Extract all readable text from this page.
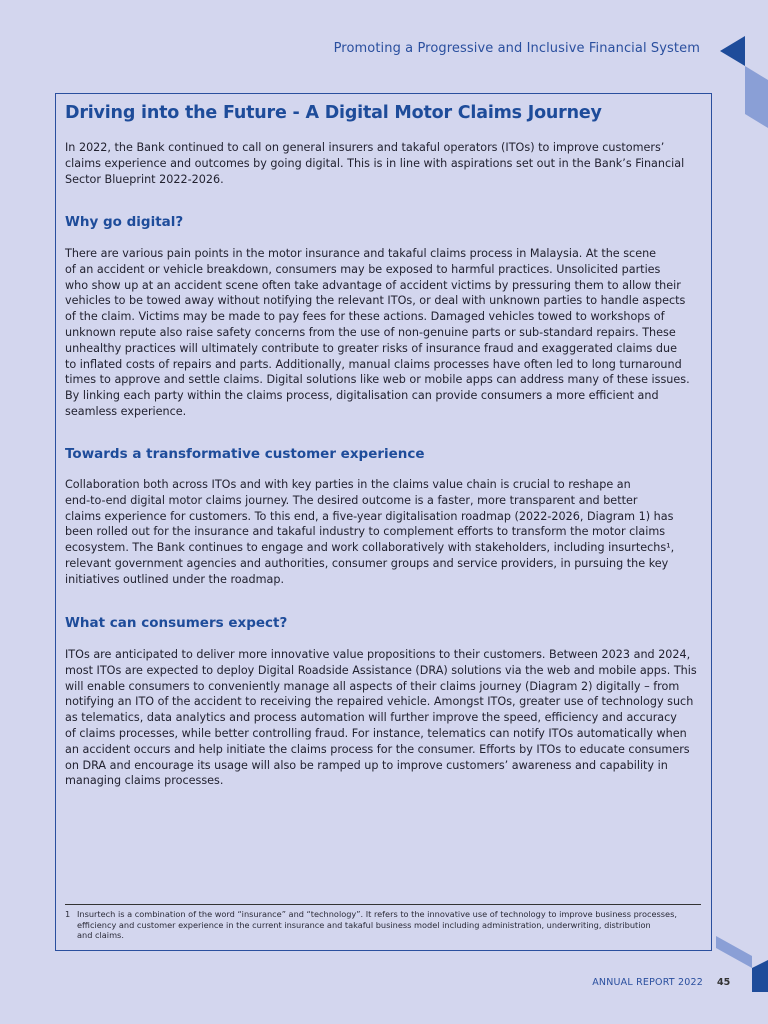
Promoting a Progressive and Inclusive Financial System
Driving into the Future - A Digital Motor Claims Journey
In 2022, the Bank continued to call on general insurers and takaful operators (ITOs) to improve customers’
claims experience and outcomes by going digital. This is in line with aspirations set out in the Bank’s Financial
Sector Blueprint 2022-2026.
Why go digital?
There are various pain points in the motor insurance and takaful claims process in Malaysia. At the scene
of an accident or vehicle breakdown, consumers may be exposed to harmful practices. Unsolicited parties
who show up at an accident scene often take advantage of accident victims by pressuring them to allow their
vehicles to be towed away without notifying the relevant ITOs, or deal with unknown parties to handle aspects
of the claim. Victims may be made to pay fees for these actions. Damaged vehicles towed to workshops of
unknown repute also raise safety concerns from the use of non-genuine parts or sub-standard repairs. These
unhealthy practices will ultimately contribute to greater risks of insurance fraud and exaggerated claims due
to inflated costs of repairs and parts. Additionally, manual claims processes have often led to long turnaround
times to approve and settle claims. Digital solutions like web or mobile apps can address many of these issues.
By linking each party within the claims process, digitalisation can provide consumers a more efficient and
seamless experience.
Towards a transformative customer experience
Collaboration both across ITOs and with key parties in the claims value chain is crucial to reshape an
end-to-end digital motor claims journey. The desired outcome is a faster, more transparent and better
claims experience for customers. To this end, a five-year digitalisation roadmap (2022-2026, Diagram 1) has
been rolled out for the insurance and takaful industry to complement efforts to transform the motor claims
ecosystem. The Bank continues to engage and work collaboratively with stakeholders, including insurtechs¹,
relevant government agencies and authorities, consumer groups and service providers, in pursuing the key
initiatives outlined under the roadmap.
What can consumers expect?
ITOs are anticipated to deliver more innovative value propositions to their customers. Between 2023 and 2024,
most ITOs are expected to deploy Digital Roadside Assistance (DRA) solutions via the web and mobile apps. This
will enable consumers to conveniently manage all aspects of their claims journey (Diagram 2) digitally – from
notifying an ITO of the accident to receiving the repaired vehicle. Amongst ITOs, greater use of technology such
as telematics, data analytics and process automation will further improve the speed, efficiency and accuracy
of claims processes, while better controlling fraud. For instance, telematics can notify ITOs automatically when
an accident occurs and help initiate the claims process for the consumer. Efforts by ITOs to educate consumers
on DRA and encourage its usage will also be ramped up to improve customers’ awareness and capability in
managing claims processes.
1 Insurtech is a combination of the word “insurance” and “technology”. It refers to the innovative use of technology to improve business processes,
efficiency and customer experience in the current insurance and takaful business model including administration, underwriting, distribution
and claims.
ANNUAL REPORT 2022 45
